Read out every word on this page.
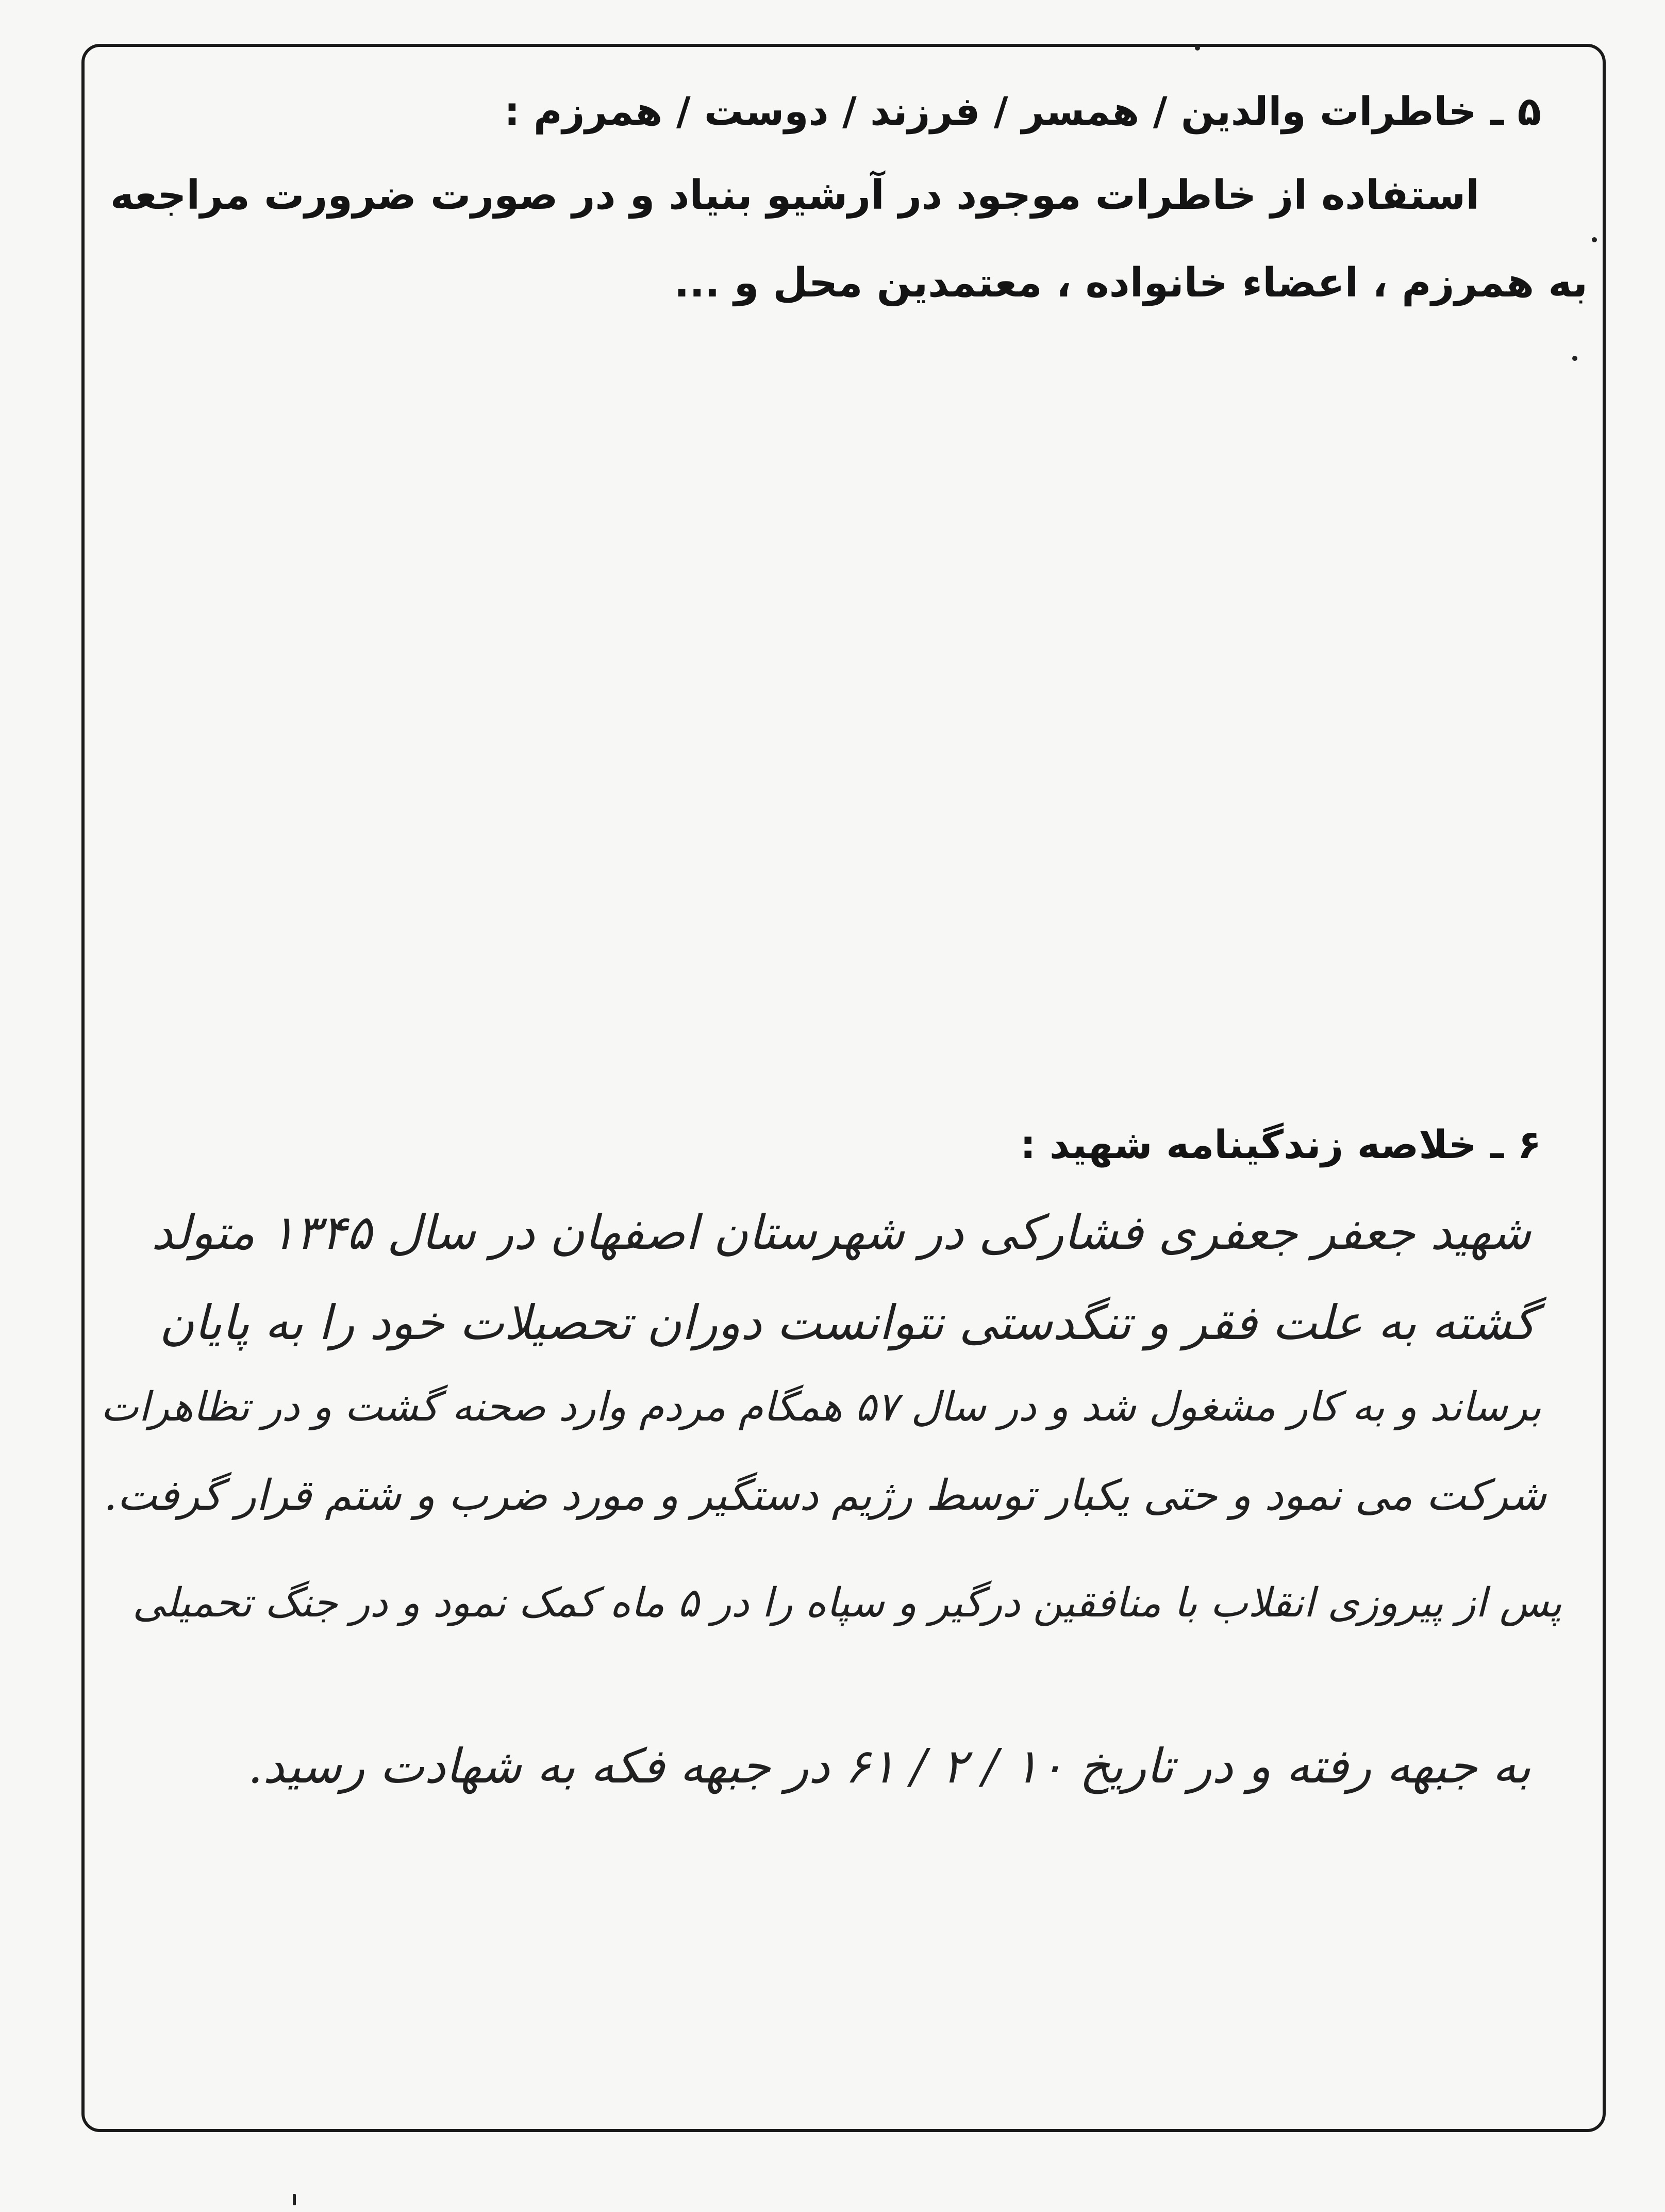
۵ ـ خاطرات والدین / همسر / فرزند / دوست / همرزم :
استفاده از خاطرات موجود در آرشیو بنیاد و در صورت ضرورت مراجعه
به همرزم ، اعضاء خانواده ، معتمدین محل و ...
۶ ـ خلاصه زندگینامه شهید :
شهید جعفر جعفری فشارکی در شهرستان اصفهان در سال ۱۳۴۵ متولد
گشته به علت فقر و تنگدستی نتوانست دوران تحصیلات خود را به پایان
برساند و به کار مشغول شد و در سال ۵۷ همگام مردم وارد صحنه گشت و در تظاهرات
شرکت می نمود و حتی یکبار توسط رژیم دستگیر و مورد ضرب و شتم قرار گرفت.
پس از پیروزی انقلاب با منافقین درگیر و سپاه را در ۵ ماه کمک نمود و در جنگ تحمیلی
به جبهه رفته و در تاریخ ۱۰ / ۲ / ۶۱ در جبهه فکه به شهادت رسید.
